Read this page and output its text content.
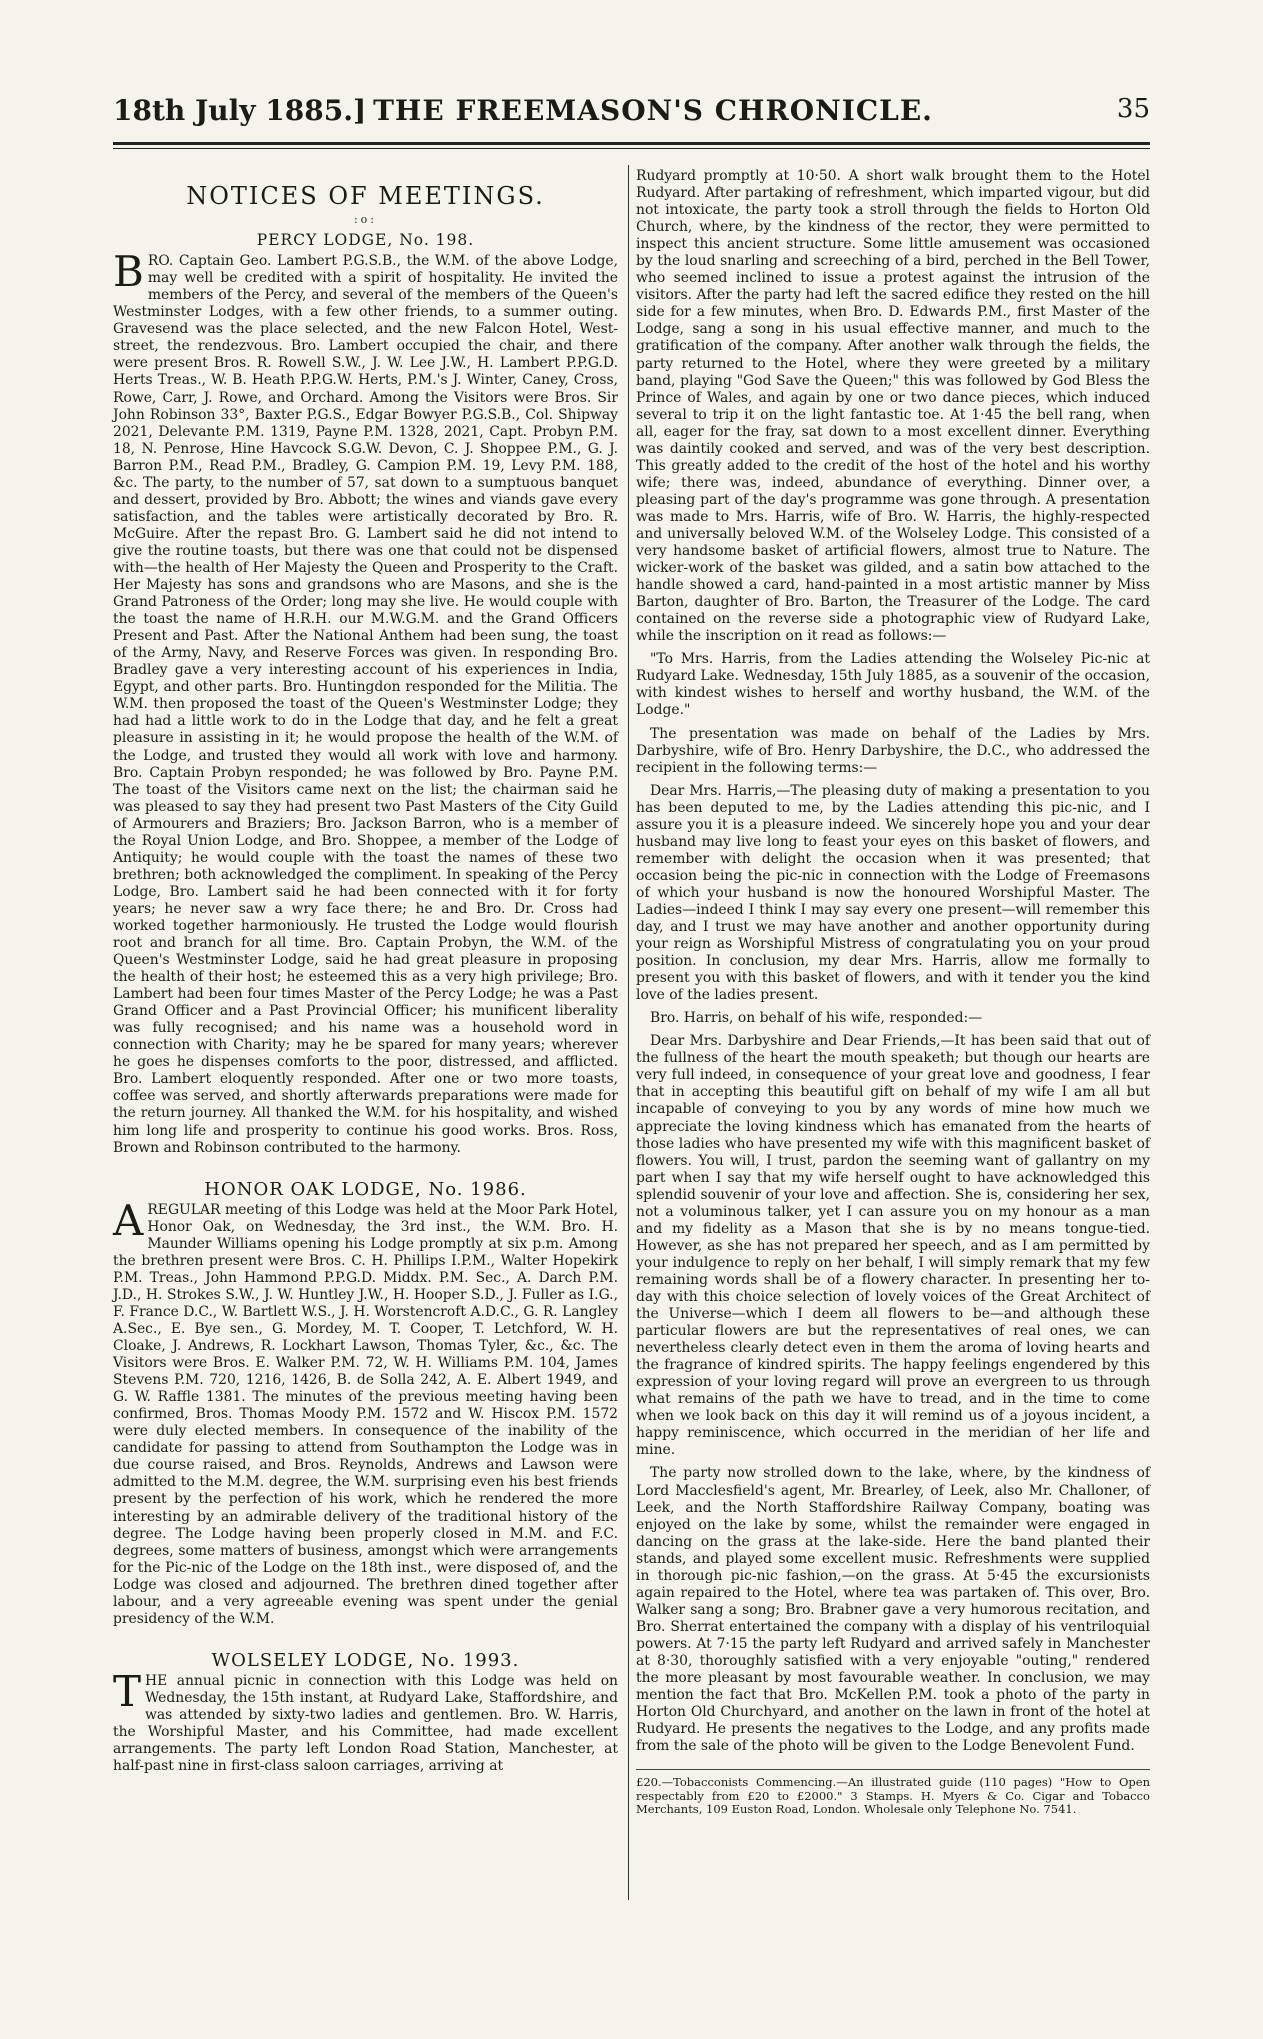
18th July 1885.] THE FREEMASON'S CHRONICLE.	35
NOTICES OF MEETINGS.
:o:
PERCY LODGE, No. 198.

BRO. Captain Geo. Lambert P.G.S.B., the W.M. of the above Lodge, may well be credited with a spirit of hospitality. He invited the members of the Percy, and several of the members of the Queen's Westminster Lodges, with a few other friends, to a summer outing. Gravesend was the place selected, and the new Falcon Hotel, West-street, the rendezvous. Bro. Lambert occupied the chair, and there were present Bros. R. Rowell S.W., J. W. Lee J.W., H. Lambert P.P.G.D. Herts Treas., W. B. Heath P.P.G.W. Herts, P.M.'s J. Winter, Caney, Cross, Rowe, Carr, J. Rowe, and Orchard. Among the Visitors were Bros. Sir John Robinson 33°, Baxter P.G.S., Edgar Bowyer P.G.S.B., Col. Shipway 2021, Delevante P.M. 1319, Payne P.M. 1328, 2021, Capt. Probyn P.M. 18, N. Penrose, Hine Havcock S.G.W. Devon, C. J. Shoppee P.M., G. J. Barron P.M., Read P.M., Bradley, G. Campion P.M. 19, Levy P.M. 188, &c. The party, to the number of 57, sat down to a sumptuous banquet and dessert, provided by Bro. Abbott; the wines and viands gave every satisfaction, and the tables were artistically decorated by Bro. R. McGuire. After the repast Bro. G. Lambert said he did not intend to give the routine toasts, but there was one that could not be dispensed with—the health of Her Majesty the Queen and Prosperity to the Craft. Her Majesty has sons and grandsons who are Masons, and she is the Grand Patroness of the Order; long may she live. He would couple with the toast the name of H.R.H. our M.W.G.M. and the Grand Officers Present and Past. After the National Anthem had been sung, the toast of the Army, Navy, and Reserve Forces was given. In responding Bro. Bradley gave a very interesting account of his experiences in India, Egypt, and other parts. Bro. Huntingdon responded for the Militia. The W.M. then proposed the toast of the Queen's Westminster Lodge; they had had a little work to do in the Lodge that day, and he felt a great pleasure in assisting in it; he would propose the health of the W.M. of the Lodge, and trusted they would all work with love and harmony. Bro. Captain Probyn responded; he was followed by Bro. Payne P.M. The toast of the Visitors came next on the list; the chairman said he was pleased to say they had present two Past Masters of the City Guild of Armourers and Braziers; Bro. Jackson Barron, who is a member of the Royal Union Lodge, and Bro. Shoppee, a member of the Lodge of Antiquity; he would couple with the toast the names of these two brethren; both acknowledged the compliment. In speaking of the Percy Lodge, Bro. Lambert said he had been connected with it for forty years; he never saw a wry face there; he and Bro. Dr. Cross had worked together harmoniously. He trusted the Lodge would flourish root and branch for all time. Bro. Captain Probyn, the W.M. of the Queen's Westminster Lodge, said he had great pleasure in proposing the health of their host; he esteemed this as a very high privilege; Bro. Lambert had been four times Master of the Percy Lodge; he was a Past Grand Officer and a Past Provincial Officer; his munificent liberality was fully recognised; and his name was a household word in connection with Charity; may he be spared for many years; wherever he goes he dispenses comforts to the poor, distressed, and afflicted. Bro. Lambert eloquently responded. After one or two more toasts, coffee was served, and shortly afterwards preparations were made for the return journey. All thanked the W.M. for his hospitality, and wished him long life and prosperity to continue his good works. Bros. Ross, Brown and Robinson contributed to the harmony.

HONOR OAK LODGE, No. 1986.

AREGULAR meeting of this Lodge was held at the Moor Park Hotel, Honor Oak, on Wednesday, the 3rd inst., the W.M. Bro. H. Maunder Williams opening his Lodge promptly at six p.m. Among the brethren present were Bros. C. H. Phillips I.P.M., Walter Hopekirk P.M. Treas., John Hammond P.P.G.D. Middx. P.M. Sec., A. Darch P.M. J.D., H. Strokes S.W., J. W. Huntley J.W., H. Hooper S.D., J. Fuller as I.G., F. France D.C., W. Bartlett W.S., J. H. Worstencroft A.D.C., G. R. Langley A.Sec., E. Bye sen., G. Mordey, M. T. Cooper, T. Letchford, W. H. Cloake, J. Andrews, R. Lockhart Lawson, Thomas Tyler, &c., &c. The Visitors were Bros. E. Walker P.M. 72, W. H. Williams P.M. 104, James Stevens P.M. 720, 1216, 1426, B. de Solla 242, A. E. Albert 1949, and G. W. Raffle 1381. The minutes of the previous meeting having been confirmed, Bros. Thomas Moody P.M. 1572 and W. Hiscox P.M. 1572 were duly elected members. In consequence of the inability of the candidate for passing to attend from Southampton the Lodge was in due course raised, and Bros. Reynolds, Andrews and Lawson were admitted to the M.M. degree, the W.M. surprising even his best friends present by the perfection of his work, which he rendered the more interesting by an admirable delivery of the traditional history of the degree. The Lodge having been properly closed in M.M. and F.C. degrees, some matters of business, amongst which were arrangements for the Pic-nic of the Lodge on the 18th inst., were disposed of, and the Lodge was closed and adjourned. The brethren dined together after labour, and a very agreeable evening was spent under the genial presidency of the W.M.

WOLSELEY LODGE, No. 1993.

THE annual picnic in connection with this Lodge was held on Wednesday, the 15th instant, at Rudyard Lake, Staffordshire, and was attended by sixty-two ladies and gentlemen. Bro. W. Harris, the Worshipful Master, and his Committee, had made excellent arrangements. The party left London Road Station, Manchester, at half-past nine in first-class saloon carriages, arriving at

Rudyard promptly at 10·50. A short walk brought them to the Hotel Rudyard. After partaking of refreshment, which imparted vigour, but did not intoxicate, the party took a stroll through the fields to Horton Old Church, where, by the kindness of the rector, they were permitted to inspect this ancient structure. Some little amusement was occasioned by the loud snarling and screeching of a bird, perched in the Bell Tower, who seemed inclined to issue a protest against the intrusion of the visitors. After the party had left the sacred edifice they rested on the hill side for a few minutes, when Bro. D. Edwards P.M., first Master of the Lodge, sang a song in his usual effective manner, and much to the gratification of the company. After another walk through the fields, the party returned to the Hotel, where they were greeted by a military band, playing "God Save the Queen;" this was followed by God Bless the Prince of Wales, and again by one or two dance pieces, which induced several to trip it on the light fantastic toe. At 1·45 the bell rang, when all, eager for the fray, sat down to a most excellent dinner. Everything was daintily cooked and served, and was of the very best description. This greatly added to the credit of the host of the hotel and his worthy wife; there was, indeed, abundance of everything. Dinner over, a pleasing part of the day's programme was gone through. A presentation was made to Mrs. Harris, wife of Bro. W. Harris, the highly-respected and universally beloved W.M. of the Wolseley Lodge. This consisted of a very handsome basket of artificial flowers, almost true to Nature. The wicker-work of the basket was gilded, and a satin bow attached to the handle showed a card, hand-painted in a most artistic manner by Miss Barton, daughter of Bro. Barton, the Treasurer of the Lodge. The card contained on the reverse side a photographic view of Rudyard Lake, while the inscription on it read as follows:—

"To Mrs. Harris, from the Ladies attending the Wolseley Pic-nic at Rudyard Lake. Wednesday, 15th July 1885, as a souvenir of the occasion, with kindest wishes to herself and worthy husband, the W.M. of the Lodge."

The presentation was made on behalf of the Ladies by Mrs. Darbyshire, wife of Bro. Henry Darbyshire, the D.C., who addressed the recipient in the following terms:—

Dear Mrs. Harris,—The pleasing duty of making a presentation to you has been deputed to me, by the Ladies attending this pic-nic, and I assure you it is a pleasure indeed. We sincerely hope you and your dear husband may live long to feast your eyes on this basket of flowers, and remember with delight the occasion when it was presented; that occasion being the pic-nic in connection with the Lodge of Freemasons of which your husband is now the honoured Worshipful Master. The Ladies—indeed I think I may say every one present—will remember this day, and I trust we may have another and another opportunity during your reign as Worshipful Mistress of congratulating you on your proud position. In conclusion, my dear Mrs. Harris, allow me formally to present you with this basket of flowers, and with it tender you the kind love of the ladies present.

Bro. Harris, on behalf of his wife, responded:—

Dear Mrs. Darbyshire and Dear Friends,—It has been said that out of the fullness of the heart the mouth speaketh; but though our hearts are very full indeed, in consequence of your great love and goodness, I fear that in accepting this beautiful gift on behalf of my wife I am all but incapable of conveying to you by any words of mine how much we appreciate the loving kindness which has emanated from the hearts of those ladies who have presented my wife with this magnificent basket of flowers. You will, I trust, pardon the seeming want of gallantry on my part when I say that my wife herself ought to have acknowledged this splendid souvenir of your love and affection. She is, considering her sex, not a voluminous talker, yet I can assure you on my honour as a man and my fidelity as a Mason that she is by no means tongue-tied. However, as she has not prepared her speech, and as I am permitted by your indulgence to reply on her behalf, I will simply remark that my few remaining words shall be of a flowery character. In presenting her to-day with this choice selection of lovely voices of the Great Architect of the Universe—which I deem all flowers to be—and although these particular flowers are but the representatives of real ones, we can nevertheless clearly detect even in them the aroma of loving hearts and the fragrance of kindred spirits. The happy feelings engendered by this expression of your loving regard will prove an evergreen to us through what remains of the path we have to tread, and in the time to come when we look back on this day it will remind us of a joyous incident, a happy reminiscence, which occurred in the meridian of her life and mine.

The party now strolled down to the lake, where, by the kindness of Lord Macclesfield's agent, Mr. Brearley, of Leek, also Mr. Challoner, of Leek, and the North Staffordshire Railway Company, boating was enjoyed on the lake by some, whilst the remainder were engaged in dancing on the grass at the lake-side. Here the band planted their stands, and played some excellent music. Refreshments were supplied in thorough pic-nic fashion,—on the grass. At 5·45 the excursionists again repaired to the Hotel, where tea was partaken of. This over, Bro. Walker sang a song; Bro. Brabner gave a very humorous recitation, and Bro. Sherrat entertained the company with a display of his ventriloquial powers. At 7·15 the party left Rudyard and arrived safely in Manchester at 8·30, thoroughly satisfied with a very enjoyable "outing," rendered the more pleasant by most favourable weather. In conclusion, we may mention the fact that Bro. McKellen P.M. took a photo of the party in Horton Old Churchyard, and another on the lawn in front of the hotel at Rudyard. He presents the negatives to the Lodge, and any profits made from the sale of the photo will be given to the Lodge Benevolent Fund.

£20.—Tobacconists Commencing.—An illustrated guide (110 pages) "How to Open respectably from £20 to £2000." 3 Stamps. H. Myers & Co. Cigar and Tobacco Merchants, 109 Euston Road, London. Wholesale only Telephone No. 7541.
